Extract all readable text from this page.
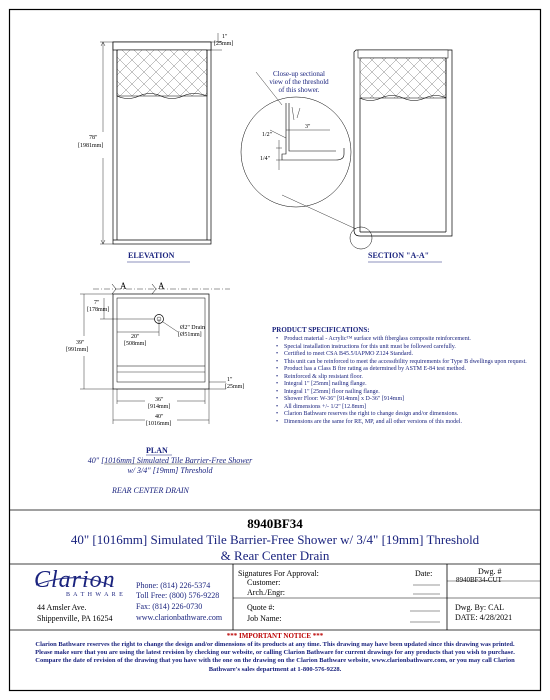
1"
[25mm]
78"
[1981mm]
ELEVATION	SECTION "A-A"
Close-up sectional
view of the threshold
of this shower.
1/2"
3"
1/4"
A	A
7"
[178mm]
20"
[508mm]
39"
[991mm]
Ø2" Drain
[Ø51mm]
1"
[25mm]
36"
[914mm]
40"
[1016mm]
PLAN
40" [1016mm] Simulated Tile Barrier-Free Shower
w/ 3/4" [19mm] Threshold
REAR CENTER DRAIN
PRODUCT SPECIFICATIONS:
• Product material - Acrylic™ surface with fiberglass composite reinforcement.
• Special installation instructions for this unit must be followed carefully.
• Certified to meet CSA B45.5/IAPMO Z124 Standard.
• This unit can be reinforced to meet the accessibility requirements for Type B dwellings upon request.
• Product has a Class B fire rating as determined by ASTM E-84 test method.
• Reinforced & slip resistant floor.
• Integral 1" [25mm] nailing flange.
• Integral 1" [25mm] floor nailing flange.
• Shower Floor: W-36" [914mm] x D-36" [914mm]
• All dimensions +/- 1/2" [12.8mm]
• Clarion Bathware reserves the right to change design and/or dimensions.
• Dimensions are the same for RE, MP, and all other versions of this model.
8940BF34
40" [1016mm] Simulated Tile Barrier-Free Shower w/ 3/4" [19mm] Threshold
& Rear Center Drain
Clarion
B A T H W A R E
44 Amsler Ave.
Shippenville, PA 16254
Phone: (814) 226-5374
Toll Free: (800) 576-9228
Fax: (814) 226-0730
www.clarionbathware.com
Signatures For Approval:	Date:
Customer:
Arch./Engr:
Quote #:
Job Name:
Dwg. #
8940BF34-CUT
Dwg. By: CAL
DATE: 4/28/2021
*** IMPORTANT NOTICE ***
Clarion Bathware reserves the right to change the design and/or dimensions of its products at any time. This drawing may have been updated since this drawing was printed. Please make sure that you are using the latest revision by checking our website, or calling Clarion Bathware for current drawings for any products that you wish to purchase. Compare the date of revision of the drawing that you have with the one on the drawing on the Clarion Bathware website, www.clarionbathware.com, or you may call Clarion Bathware's sales department at 1-800-576-9228.
